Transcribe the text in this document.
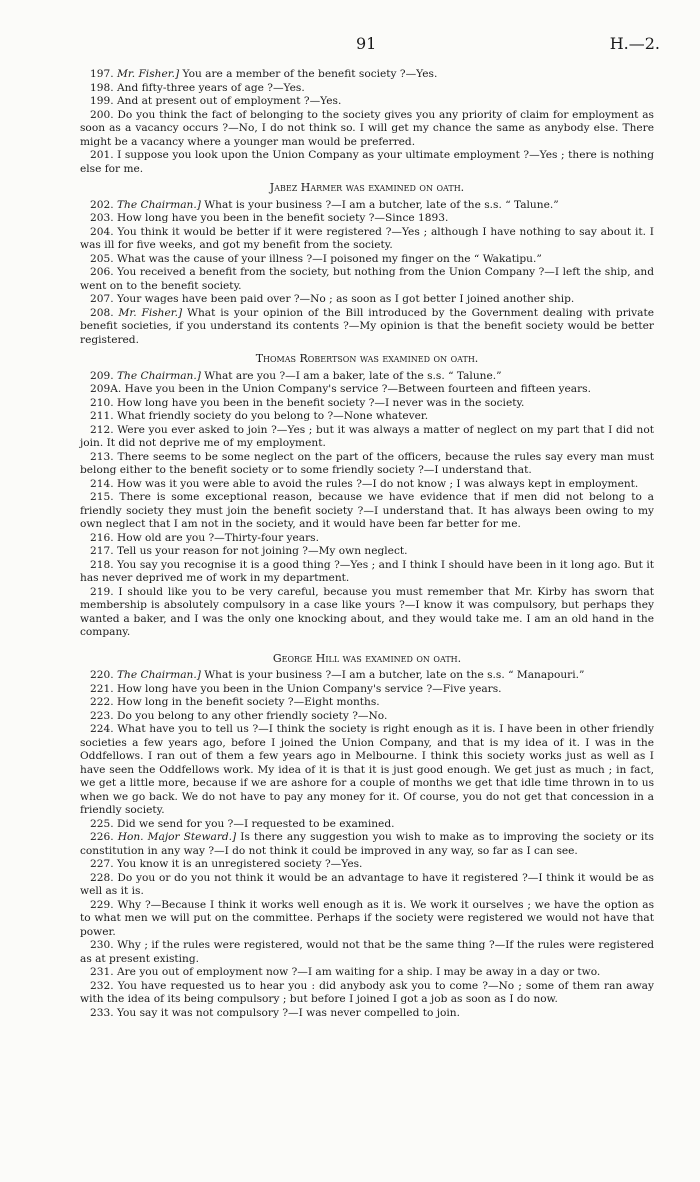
91	H.—2.

197. Mr. Fisher.] You are a member of the benefit society ?—Yes.

198. And fifty-three years of age ?—Yes.

199. And at present out of employment ?—Yes.

200. Do you think the fact of belonging to the society gives you any priority of claim for employment as soon as a vacancy occurs ?—No, I do not think so. I will get my chance the same as anybody else. There might be a vacancy where a younger man would be preferred.

201. I suppose you look upon the Union Company as your ultimate employment ?—Yes ; there is nothing else for me.

Jabez Harmer was examined on oath.

202. The Chairman.] What is your business ?—I am a butcher, late of the s.s. “ Talune.”

203. How long have you been in the benefit society ?—Since 1893.

204. You think it would be better if it were registered ?—Yes ; although I have nothing to say about it. I was ill for five weeks, and got my benefit from the society.

205. What was the cause of your illness ?—I poisoned my finger on the “ Wakatipu.”

206. You received a benefit from the society, but nothing from the Union Company ?—I left the ship, and went on to the benefit society.

207. Your wages have been paid over ?—No ; as soon as I got better I joined another ship.

208. Mr. Fisher.] What is your opinion of the Bill introduced by the Government dealing with private benefit societies, if you understand its contents ?—My opinion is that the benefit society would be better registered.

Thomas Robertson was examined on oath.

209. The Chairman.] What are you ?—I am a baker, late of the s.s. “ Talune.”

209A. Have you been in the Union Company's service ?—Between fourteen and fifteen years.

210. How long have you been in the benefit society ?—I never was in the society.

211. What friendly society do you belong to ?—None whatever.

212. Were you ever asked to join ?—Yes ; but it was always a matter of neglect on my part that I did not join. It did not deprive me of my employment.

213. There seems to be some neglect on the part of the officers, because the rules say every man must belong either to the benefit society or to some friendly society ?—I understand that.

214. How was it you were able to avoid the rules ?—I do not know ; I was always kept in employment.

215. There is some exceptional reason, because we have evidence that if men did not belong to a friendly society they must join the benefit society ?—I understand that. It has always been owing to my own neglect that I am not in the society, and it would have been far better for me.

216. How old are you ?—Thirty-four years.

217. Tell us your reason for not joining ?—My own neglect.

218. You say you recognise it is a good thing ?—Yes ; and I think I should have been in it long ago. But it has never deprived me of work in my department.

219. I should like you to be very careful, because you must remember that Mr. Kirby has sworn that membership is absolutely compulsory in a case like yours ?—I know it was compulsory, but perhaps they wanted a baker, and I was the only one knocking about, and they would take me. I am an old hand in the company.

George Hill was examined on oath.

220. The Chairman.] What is your business ?—I am a butcher, late on the s.s. “ Manapouri.”

221. How long have you been in the Union Company's service ?—Five years.

222. How long in the benefit society ?—Eight months.

223. Do you belong to any other friendly society ?—No.

224. What have you to tell us ?—I think the society is right enough as it is. I have been in other friendly societies a few years ago, before I joined the Union Company, and that is my idea of it. I was in the Oddfellows. I ran out of them a few years ago in Melbourne. I think this society works just as well as I have seen the Oddfellows work. My idea of it is that it is just good enough. We get just as much ; in fact, we get a little more, because if we are ashore for a couple of months we get that idle time thrown in to us when we go back. We do not have to pay any money for it. Of course, you do not get that concession in a friendly society.

225. Did we send for you ?—I requested to be examined.

226. Hon. Major Steward.] Is there any suggestion you wish to make as to improving the society or its constitution in any way ?—I do not think it could be improved in any way, so far as I can see.

227. You know it is an unregistered society ?—Yes.

228. Do you or do you not think it would be an advantage to have it registered ?—I think it would be as well as it is.

229. Why ?—Because I think it works well enough as it is. We work it ourselves ; we have the option as to what men we will put on the committee. Perhaps if the society were registered we would not have that power.

230. Why ; if the rules were registered, would not that be the same thing ?—If the rules were registered as at present existing.

231. Are you out of employment now ?—I am waiting for a ship. I may be away in a day or two.

232. You have requested us to hear you : did anybody ask you to come ?—No ; some of them ran away with the idea of its being compulsory ; but before I joined I got a job as soon as I do now.

233. You say it was not compulsory ?—I was never compelled to join.
